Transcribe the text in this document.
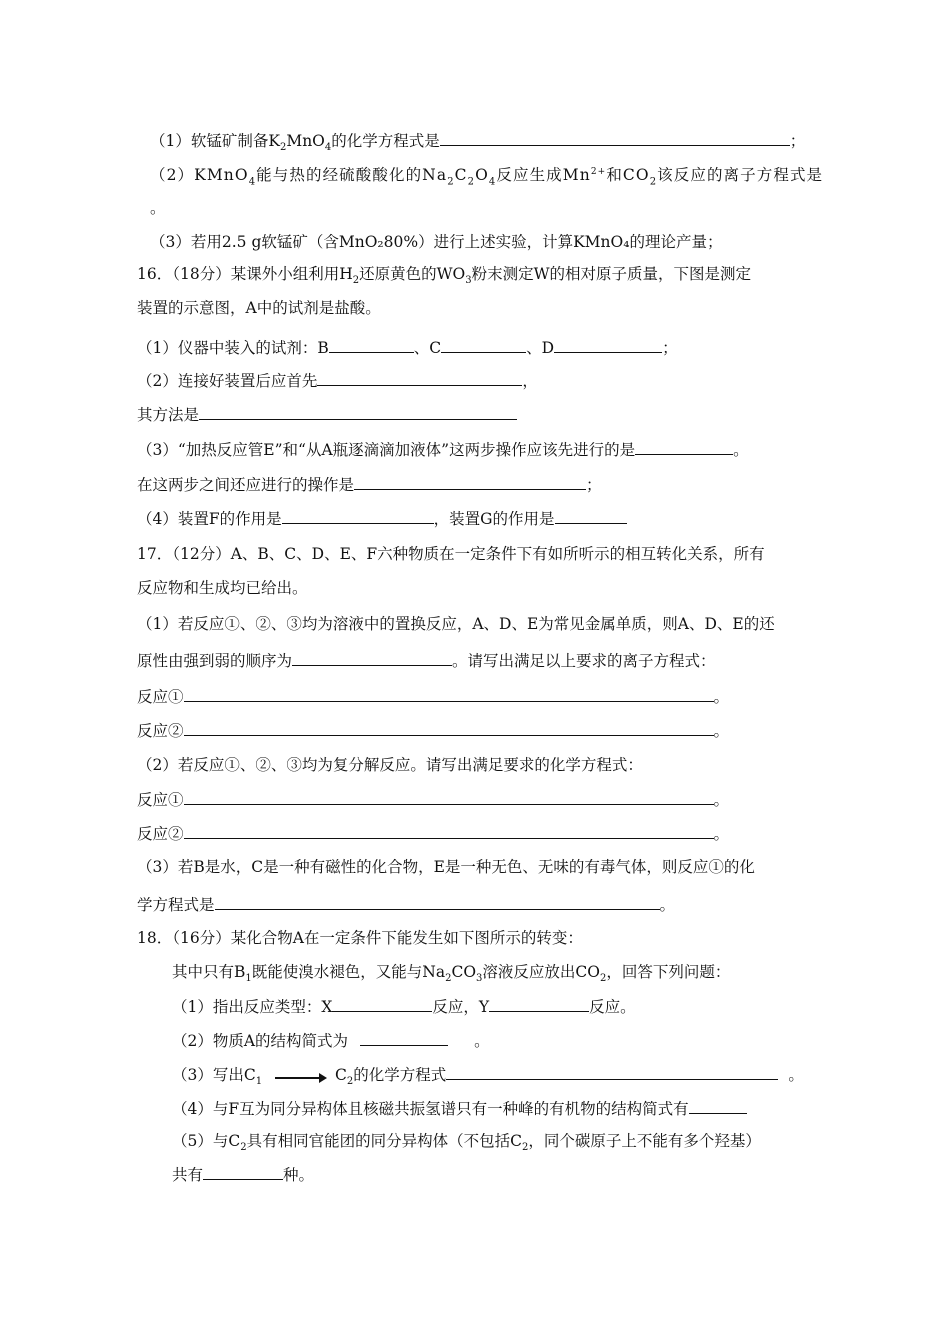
（1）软锰矿制备$K_2MnO_4$的化学方程式是	；
（2）KMnO$_4$能与热的经硫酸酸化的$Na_2C_2O_4$反应生成$Mn^{2+}$和$CO_2$该反应的离子方程式是
。
（3）若用2.5 g软锰矿（含MnO₂80%）进行上述实验，计算KMnO₄的理论产量；
16．（18分）某课外小组利用$H_2$还原黄色的$WO_3$粉末测定W的相对原子质量，下图是测定
装置的示意图，A中的试剂是盐酸。
（1）仪器中装入的试剂：B	、C	、D	；
（2）连接好装置后应首先	，
其方法是
（3）“加热反应管E”和“从A瓶逐滴滴加液体”这两步操作应该先进行的是	。
在这两步之间还应进行的操作是	；
（4）装置F的作用是	，装置G的作用是
17．（12分）A、B、C、D、E、F六种物质在一定条件下有如所听示的相互转化关系，所有
反应物和生成均已给出。
（1）若反应①、②、③均为溶液中的置换反应，A、D、E为常见金属单质，则A、D、E的还
原性由强到弱的顺序为	。请写出满足以上要求的离子方程式：
反应①	。
反应②	。
（2）若反应①、②、③均为复分解反应。请写出满足要求的化学方程式：
反应①	。
反应②	。
（3）若B是水，C是一种有磁性的化合物，E是一种无色、无味的有毒气体，则反应①的化
学方程式是	。
18．（16分）某化合物A在一定条件下能发生如下图所示的转变：
其中只有$B_1$既能使溴水褪色，又能与$Na_2CO_3$溶液反应放出$CO_2$，回答下列问题：
（1）指出反应类型：X	反应，Y	反应。
（2）物质A的结构简式为	。
（3）写出$C_1 \to C_2$的化学方程式	。
（4）与F互为同分异构体且核磁共振氢谱只有一种峰的有机物的结构简式有
（5）与$C_2$具有相同官能团的同分异构体（不包括$C_2$，同个碳原子上不能有多个羟基）
共有	种。
